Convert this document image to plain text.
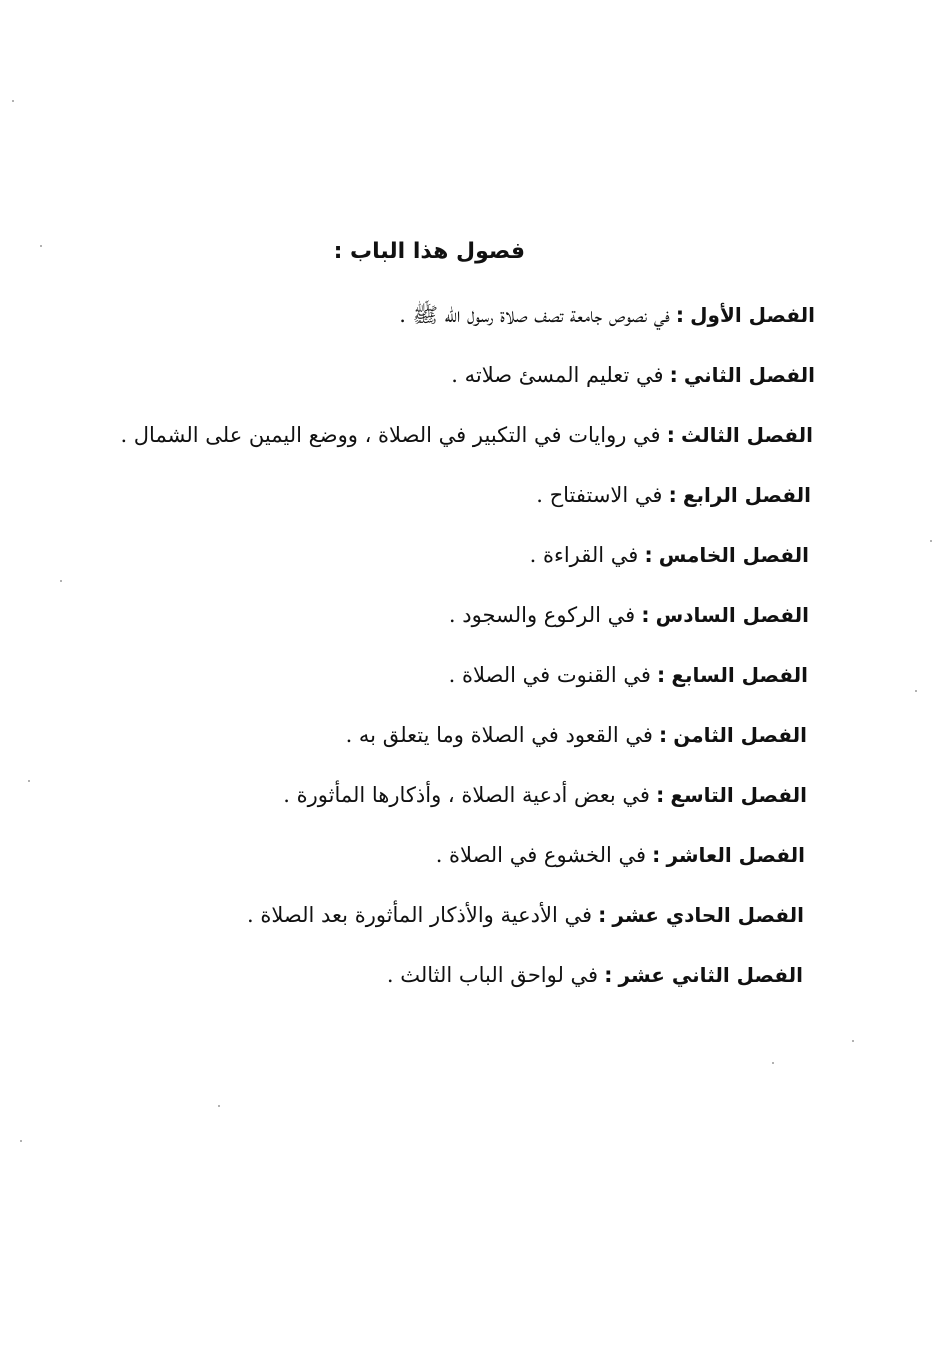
فصول هذا الباب :
الفصل الأول:في نصوص جامعة تصف صلاة رسول الله ﷺ .
الفصل الثاني:في تعليم المسئ صلاته .
الفصل الثالث:في روايات في التكبير في الصلاة ، ووضع اليمين على الشمال .
الفصل الرابع:في الاستفتاح .
الفصل الخامس:في القراءة .
الفصل السادس:في الركوع والسجود .
الفصل السابع:في القنوت في الصلاة .
الفصل الثامن:في القعود في الصلاة وما يتعلق به .
الفصل التاسع:في بعض أدعية الصلاة ، وأذكارها المأثورة .
الفصل العاشر:في الخشوع في الصلاة .
الفصل الحادي عشر:في الأدعية والأذكار المأثورة بعد الصلاة .
الفصل الثاني عشر:في لواحق الباب الثالث .
